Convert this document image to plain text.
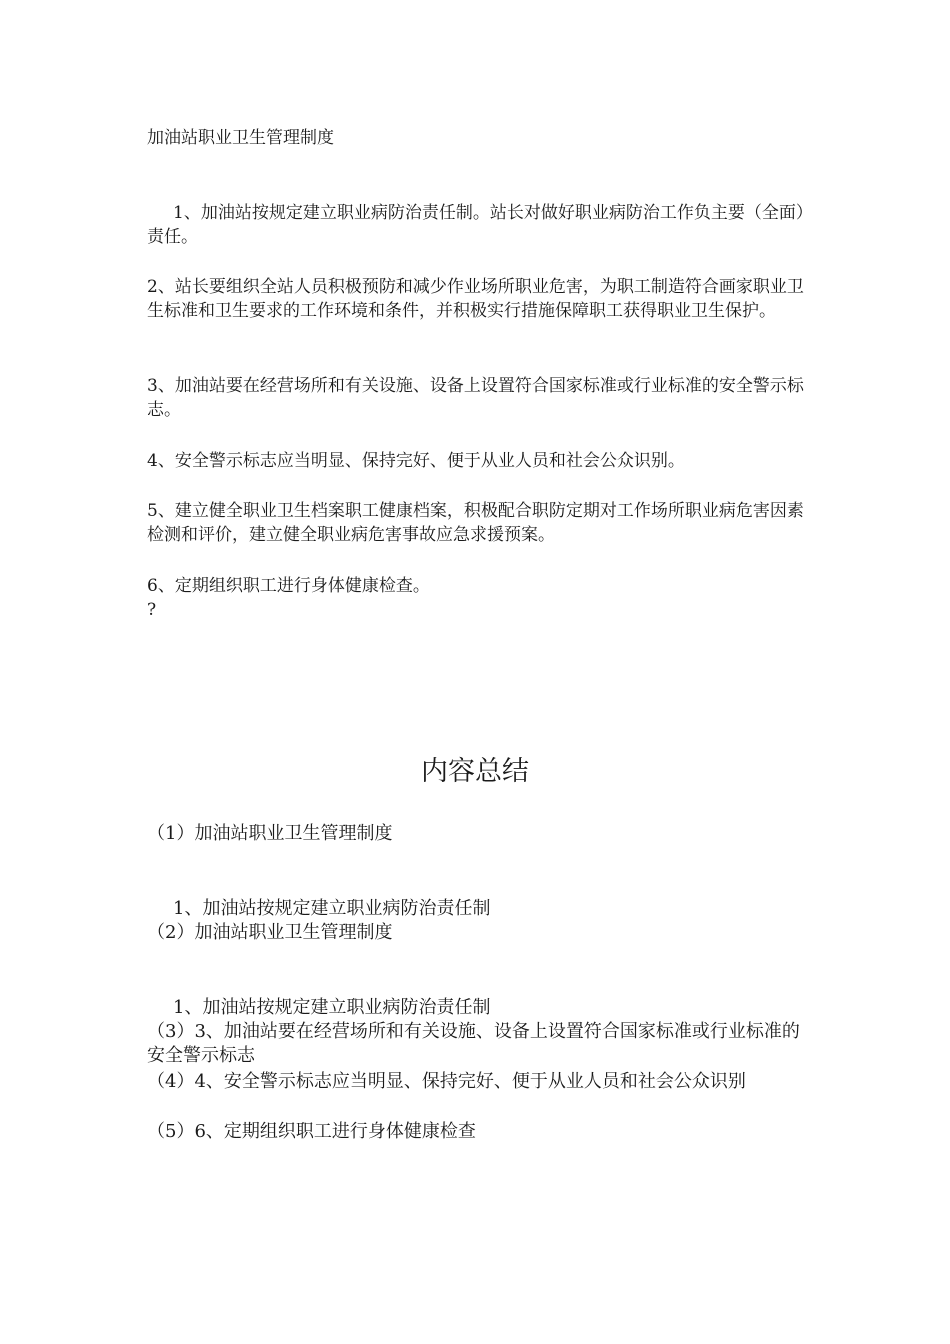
加油站职业卫生管理制度

1、加油站按规定建立职业病防治责任制。站长对做好职业病防治工作负主要（全面）责任。

2、站长要组织全站人员积极预防和减少作业场所职业危害，为职工制造符合画家职业卫生标准和卫生要求的工作环境和条件，并积极实行措施保障职工获得职业卫生保护。

3、加油站要在经营场所和有关设施、设备上设置符合国家标准或行业标准的安全警示标志。

4、安全警示标志应当明显、保持完好、便于从业人员和社会公众识别。

5、建立健全职业卫生档案职工健康档案，积极配合职防定期对工作场所职业病危害因素检测和评价，建立健全职业病危害事故应急求援预案。

6、定期组织职工进行身体健康检查。

?

内容总结

（1）加油站职业卫生管理制度

1、加油站按规定建立职业病防治责任制

（2）加油站职业卫生管理制度

1、加油站按规定建立职业病防治责任制

（3）3、加油站要在经营场所和有关设施、设备上设置符合国家标准或行业标准的安全警示标志

（4）4、安全警示标志应当明显、保持完好、便于从业人员和社会公众识别

（5）6、定期组织职工进行身体健康检查
